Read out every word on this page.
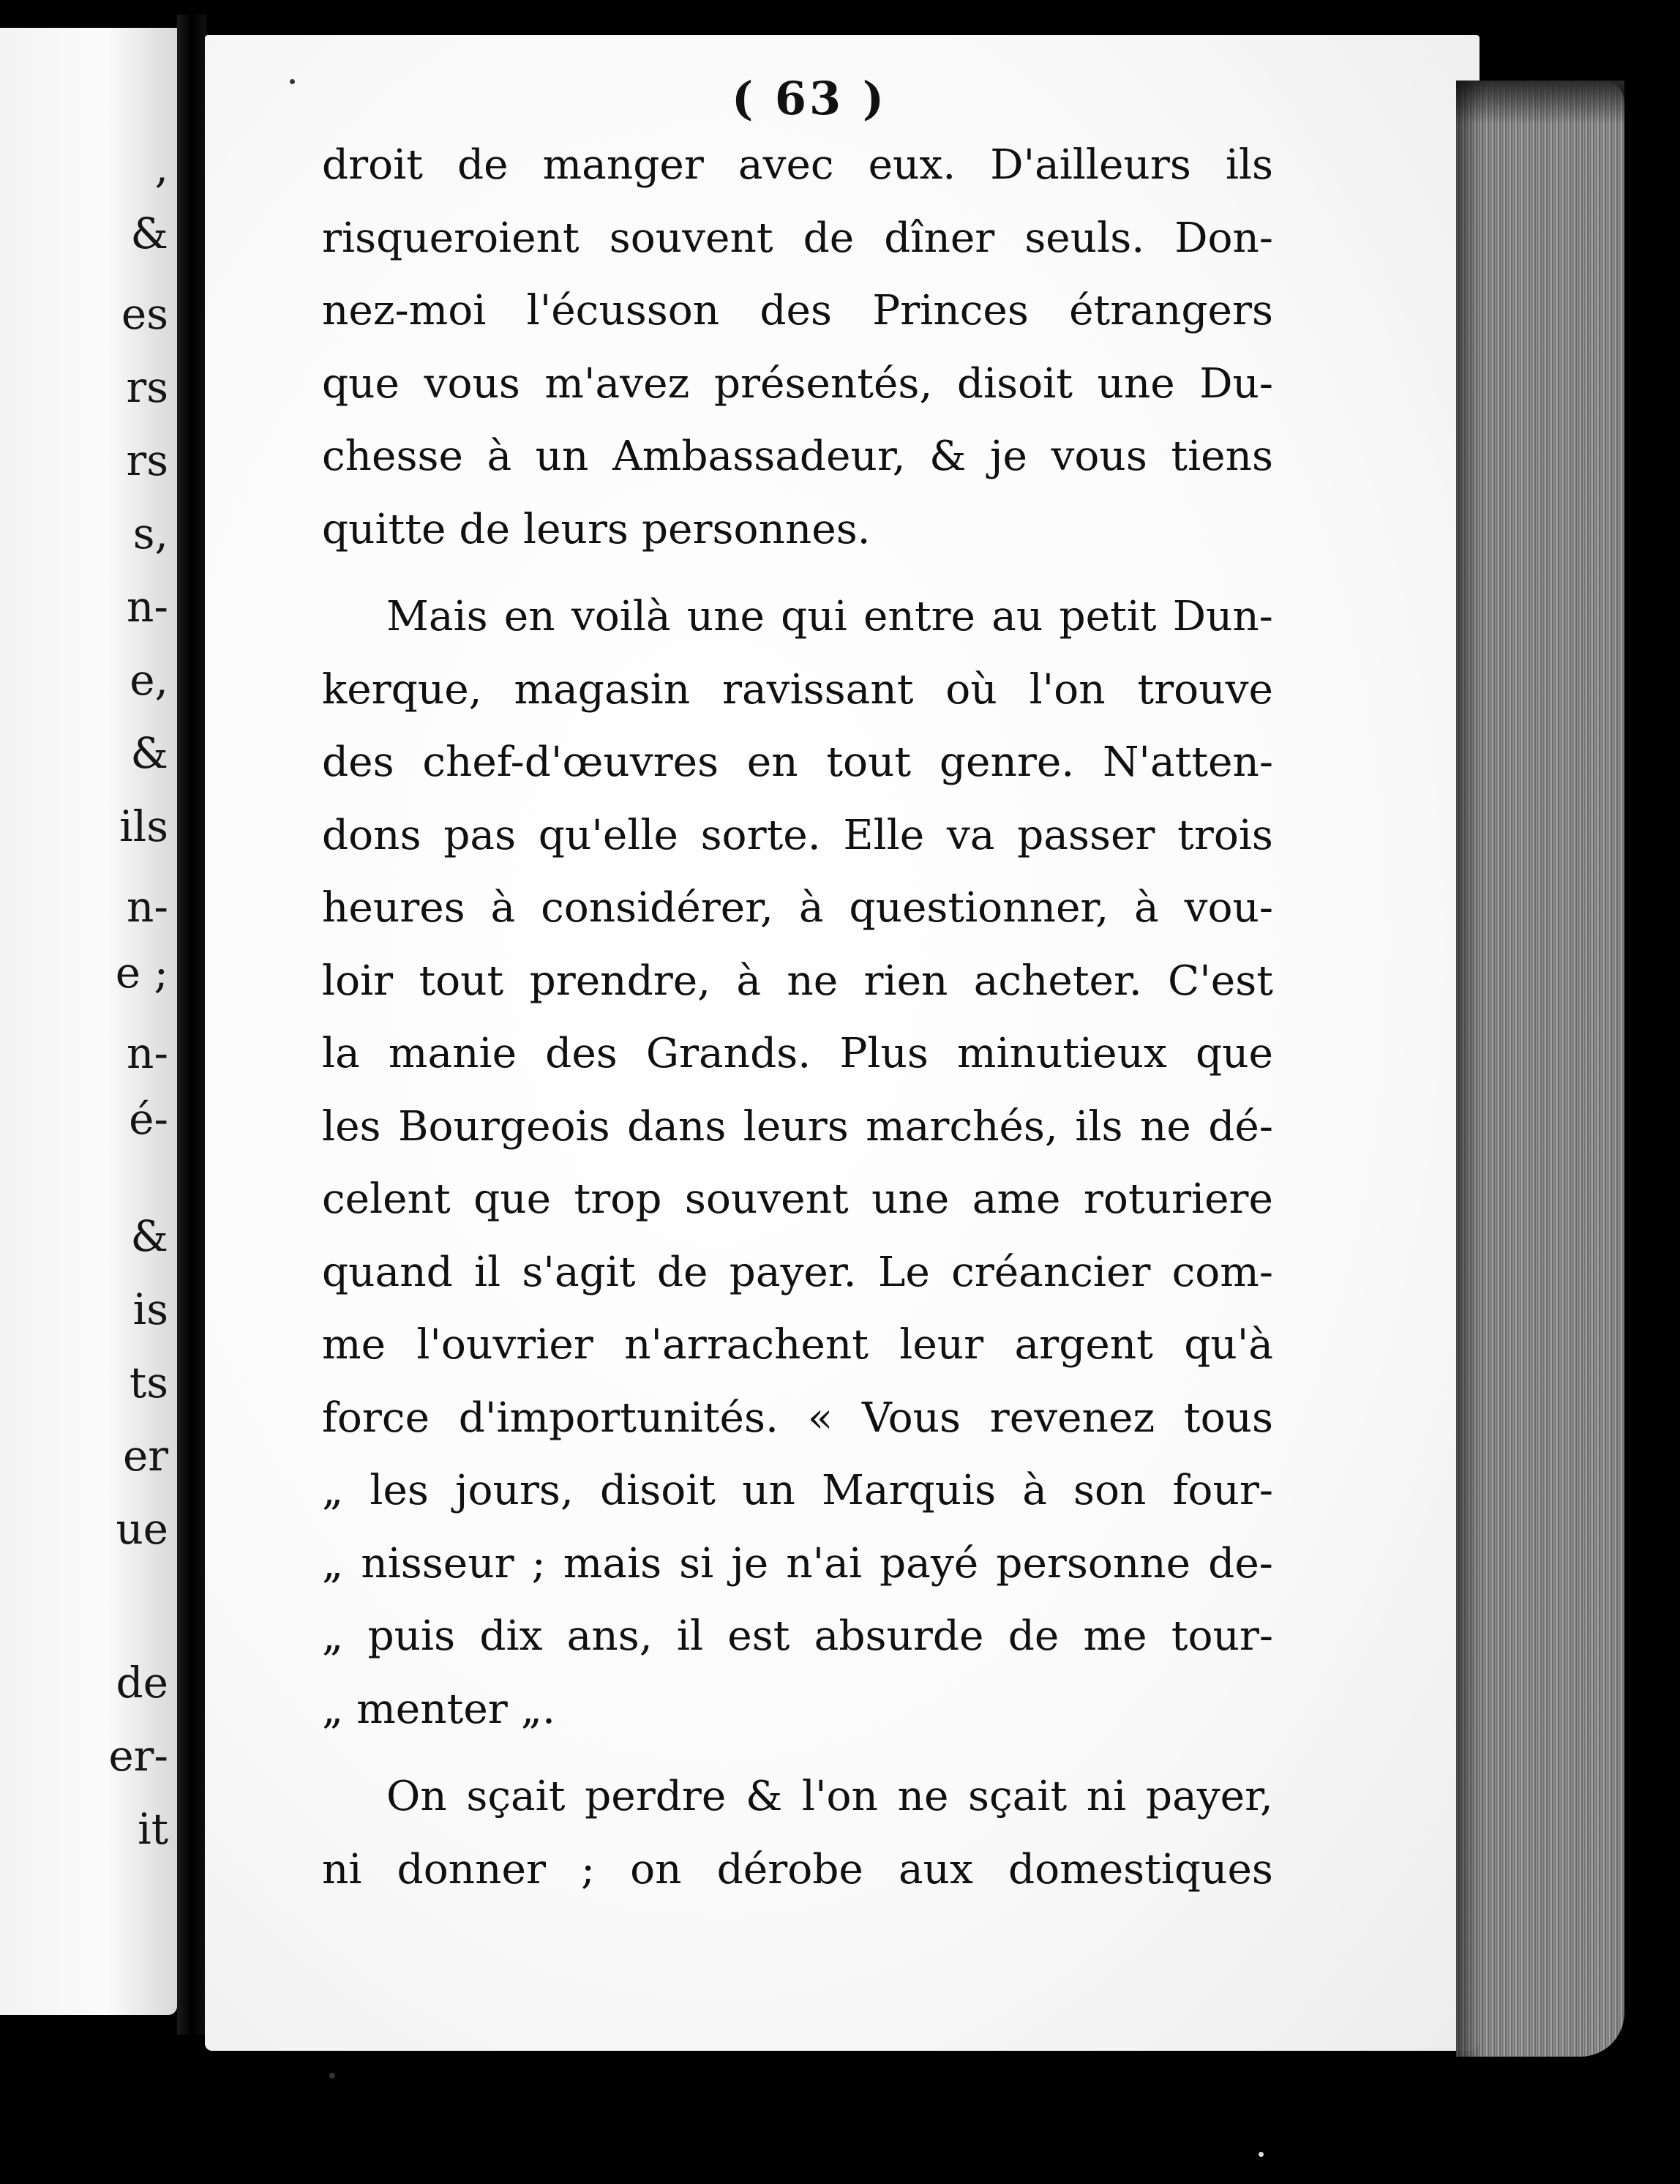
( 63 )
droit de manger avec eux. D'ailleurs ils
risqueroient souvent de dîner seuls. Don-
nez-moi l'écusson des Princes étrangers
que vous m'avez présentés, disoit une Du-
chesse à un Ambassadeur, & je vous tiens
quitte de leurs personnes.
Mais en voilà une qui entre au petit Dun-
kerque, magasin ravissant où l'on trouve
des chef-d'œuvres en tout genre. N'atten-
dons pas qu'elle sorte. Elle va passer trois
heures à considérer, à questionner, à vou-
loir tout prendre, à ne rien acheter. C'est
la manie des Grands. Plus minutieux que
les Bourgeois dans leurs marchés, ils ne dé-
celent que trop souvent une ame roturiere
quand il s'agit de payer. Le créancier com-
me l'ouvrier n'arrachent leur argent qu'à
force d'importunités. « Vous revenez tous
„ les jours, disoit un Marquis à son four-
„ nisseur ; mais si je n'ai payé personne de-
„ puis dix ans, il est absurde de me tour-
„ menter „.
On sçait perdre & l'on ne sçait ni payer,
ni donner ; on dérobe aux domestiques
,
&
es
rs
rs
s,
n-
e,
&
ils
n-
e ;
n-
é-
&
is
ts
er
ue
de
er-
it
